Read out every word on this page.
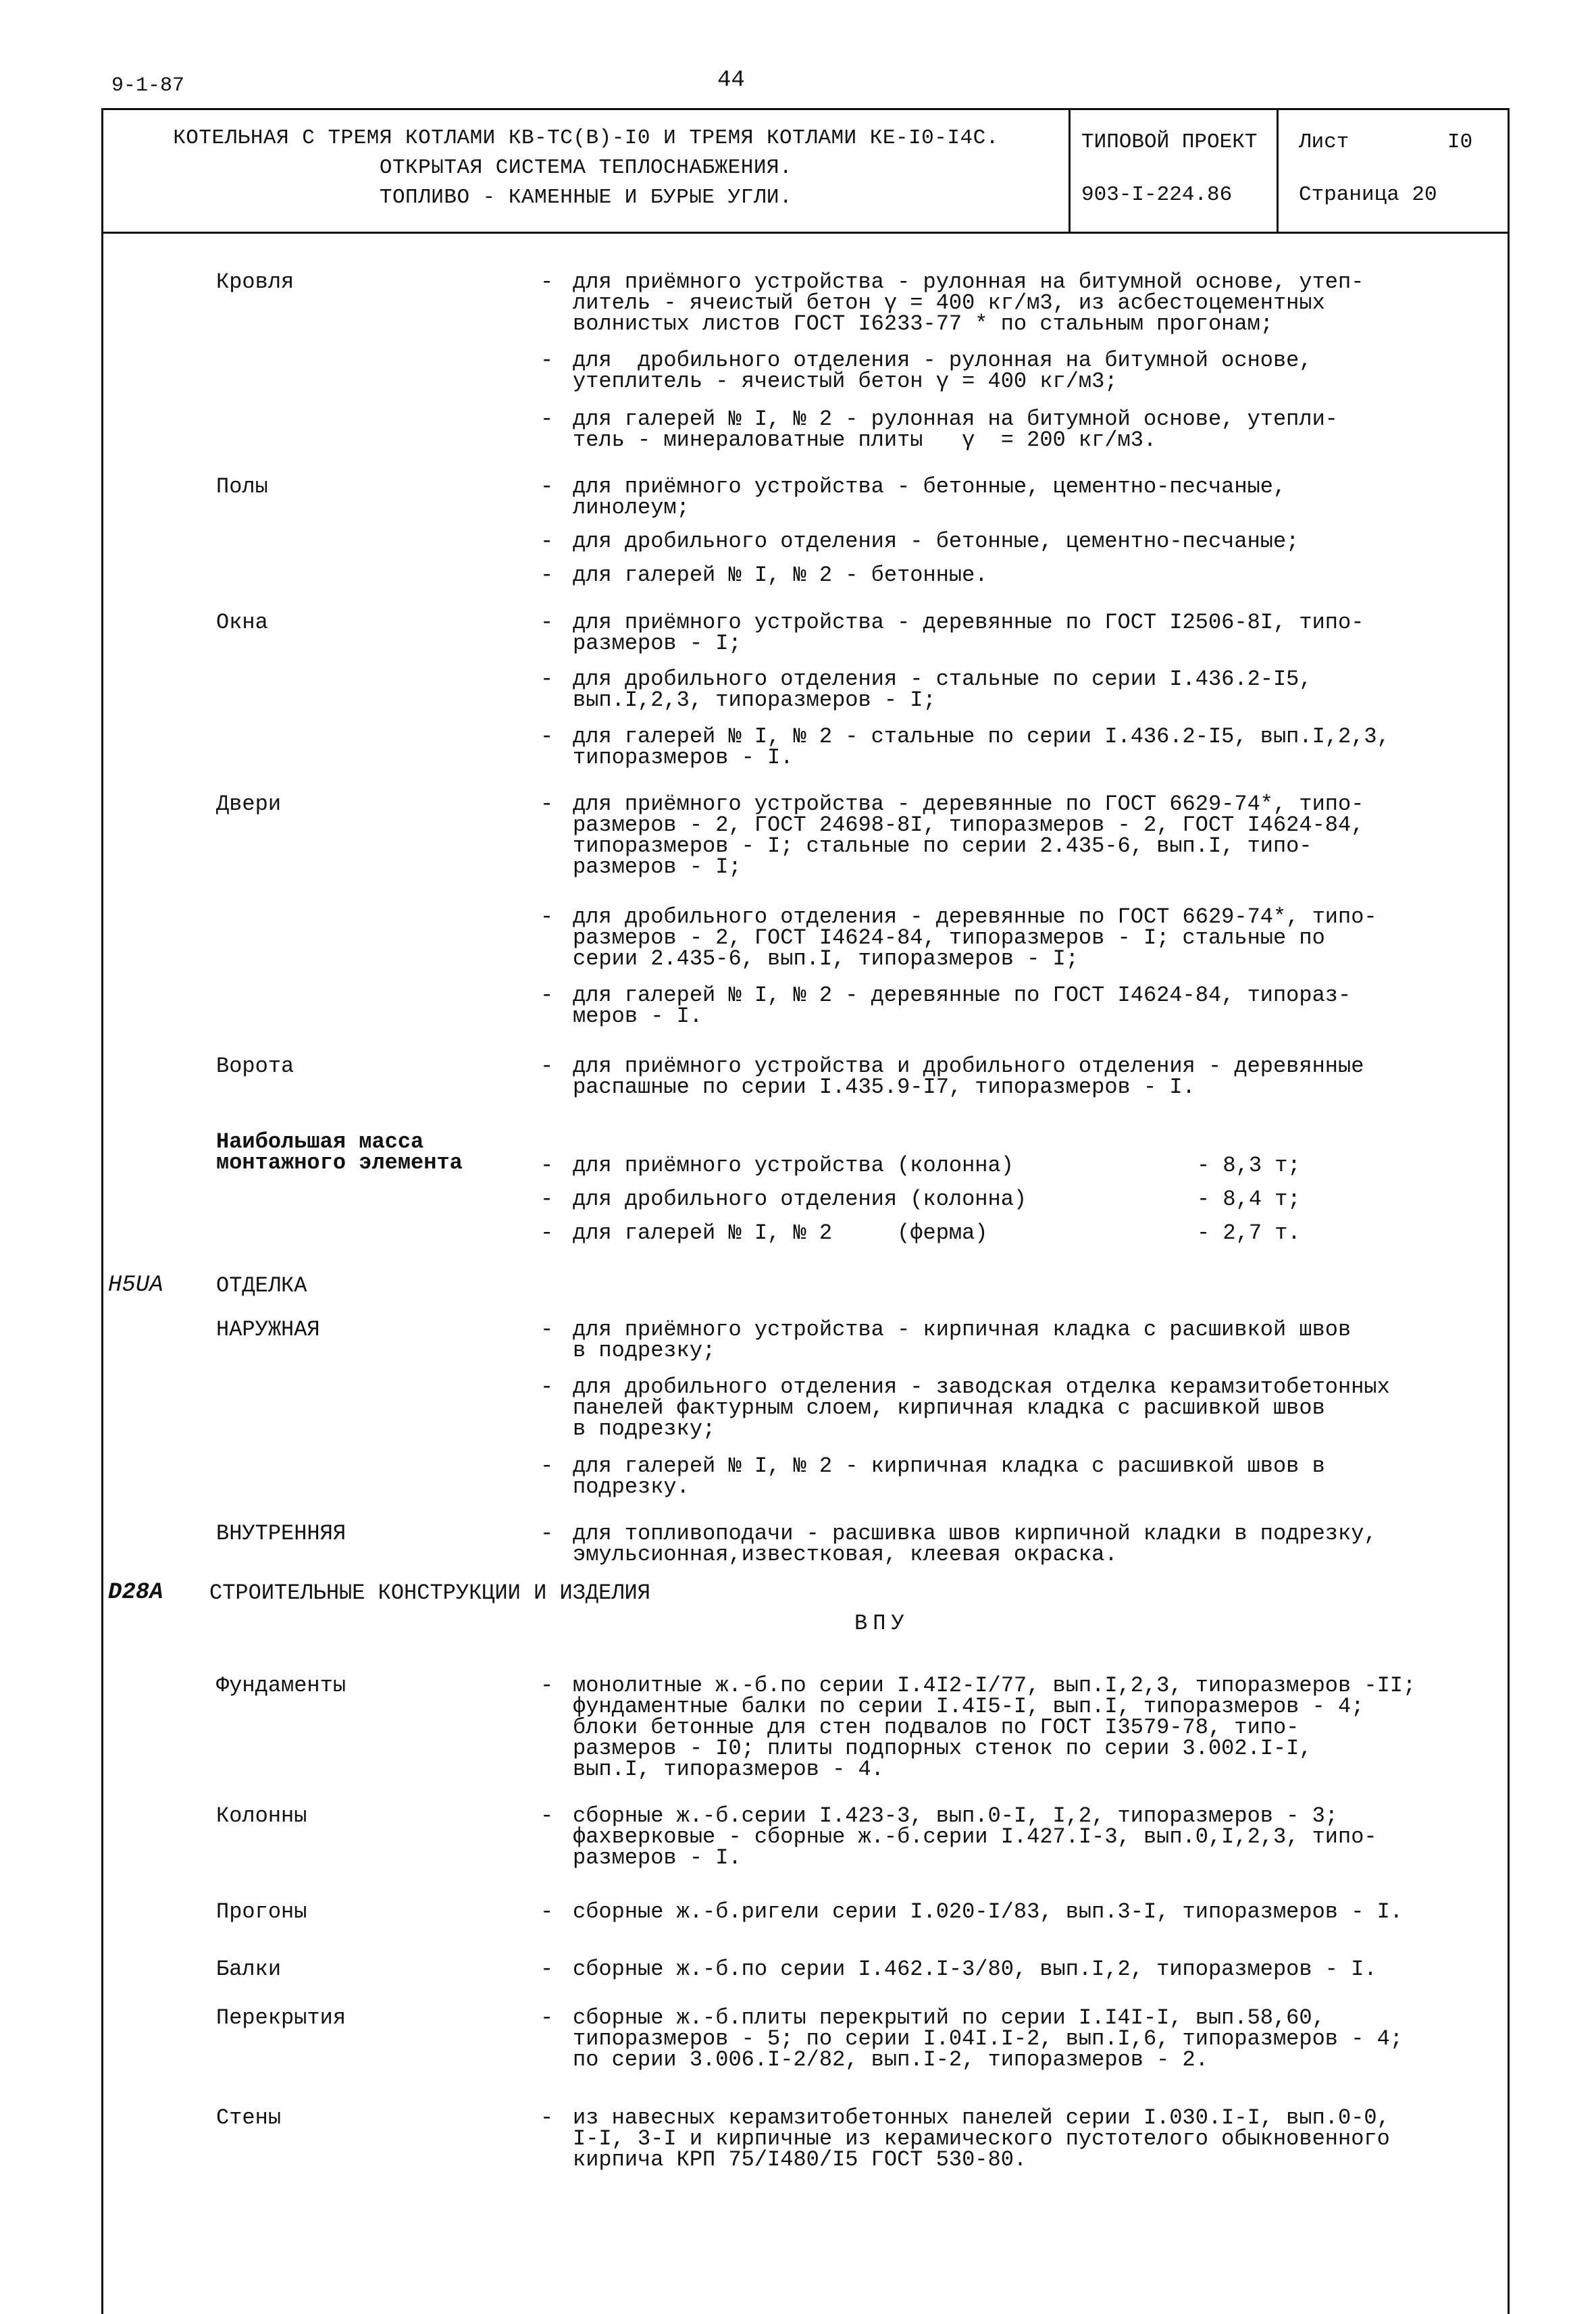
9-1-87	44
КОТЕЛЬНАЯ С ТРЕМЯ КОТЛАМИ КВ-ТС(В)-I0 И ТРЕМЯ КОТЛАМИ КЕ-I0-I4С.
ОТКРЫТАЯ СИСТЕМА ТЕПЛОСНАБЖЕНИЯ.
ТОПЛИВО - КАМЕННЫЕ И БУРЫЕ УГЛИ.
ТИПОВОЙ ПРОЕКТ
903-I-224.86
Лист	I0
Страница 20
Кровля	- для приёмного устройства - рулонная на битумной основе, утеп-
литель - ячеистый бетон γ = 400 кг/м3, из асбестоцементных
волнистых листов ГОСТ I6233-77 * по стальным прогонам;
- для  дробильного отделения - рулонная на битумной основе,
утеплитель - ячеистый бетон γ = 400 кг/м3;
- для галерей № I, № 2 - рулонная на битумной основе, утепли-
тель - минераловатные плиты   γ  = 200 кг/м3.
Полы	- для приёмного устройства - бетонные, цементно-песчаные,
линолеум;
- для дробильного отделения - бетонные, цементно-песчаные;
- для галерей № I, № 2 - бетонные.
Окна	- для приёмного устройства - деревянные по ГОСТ I2506-8I, типо-
размеров - I;
- для дробильного отделения - стальные по серии I.436.2-I5,
вып.I,2,3, типоразмеров - I;
- для галерей № I, № 2 - стальные по серии I.436.2-I5, вып.I,2,3,
типоразмеров - I.
Двери	- для приёмного устройства - деревянные по ГОСТ 6629-74*, типо-
размеров - 2, ГОСТ 24698-8I, типоразмеров - 2, ГОСТ I4624-84,
типоразмеров - I; стальные по серии 2.435-6, вып.I, типо-
размеров - I;
- для дробильного отделения - деревянные по ГОСТ 6629-74*, типо-
размеров - 2, ГОСТ I4624-84, типоразмеров - I; стальные по
серии 2.435-6, вып.I, типоразмеров - I;
- для галерей № I, № 2 - деревянные по ГОСТ I4624-84, типораз-
меров - I.
Ворота	- для приёмного устройства и дробильного отделения - деревянные
распашные по серии I.435.9-I7, типоразмеров - I.
Наибольшая масса
монтажного элемента	- для приёмного устройства (колонна)	- 8,3 т;
- для дробильного отделения (колонна)	- 8,4 т;
- для галерей № I, № 2     (ферма)	- 2,7 т.
Н5UA ОТДЕЛКА
НАРУЖНАЯ	- для приёмного устройства - кирпичная кладка с расшивкой швов
в подрезку;
- для дробильного отделения - заводская отделка керамзитобетонных
панелей фактурным слоем, кирпичная кладка с расшивкой швов
в подрезку;
- для галерей № I, № 2 - кирпичная кладка с расшивкой швов в
подрезку.
ВНУТРЕННЯЯ	- для топливоподачи - расшивка швов кирпичной кладки в подрезку,
эмульсионная,известковая, клеевая окраска.
D28A СТРОИТЕЛЬНЫЕ КОНСТРУКЦИИ И ИЗДЕЛИЯ
ВПУ
Фундаменты	- монолитные ж.-б.по серии I.4I2-I/77, вып.I,2,3, типоразмеров -II;
фундаментные балки по серии I.4I5-I, вып.I, типоразмеров - 4;
блоки бетонные для стен подвалов по ГОСТ I3579-78, типо-
размеров - I0; плиты подпорных стенок по серии 3.002.I-I,
вып.I, типоразмеров - 4.
Колонны	- сборные ж.-б.серии I.423-3, вып.0-I, I,2, типоразмеров - 3;
фахверковые - сборные ж.-б.серии I.427.I-3, вып.0,I,2,3, типо-
размеров - I.
Прогоны	- сборные ж.-б.ригели серии I.020-I/83, вып.3-I, типоразмеров - I.
Балки	- сборные ж.-б.по серии I.462.I-3/80, вып.I,2, типоразмеров - I.
Перекрытия	- сборные ж.-б.плиты перекрытий по серии I.I4I-I, вып.58,60,
типоразмеров - 5; по серии I.04I.I-2, вып.I,6, типоразмеров - 4;
по серии 3.006.I-2/82, вып.I-2, типоразмеров - 2.
Стены	- из навесных керамзитобетонных панелей серии I.030.I-I, вып.0-0,
I-I, 3-I и кирпичные из керамического пустотелого обыкновенного
кирпича КРП 75/I480/I5 ГОСТ 530-80.
